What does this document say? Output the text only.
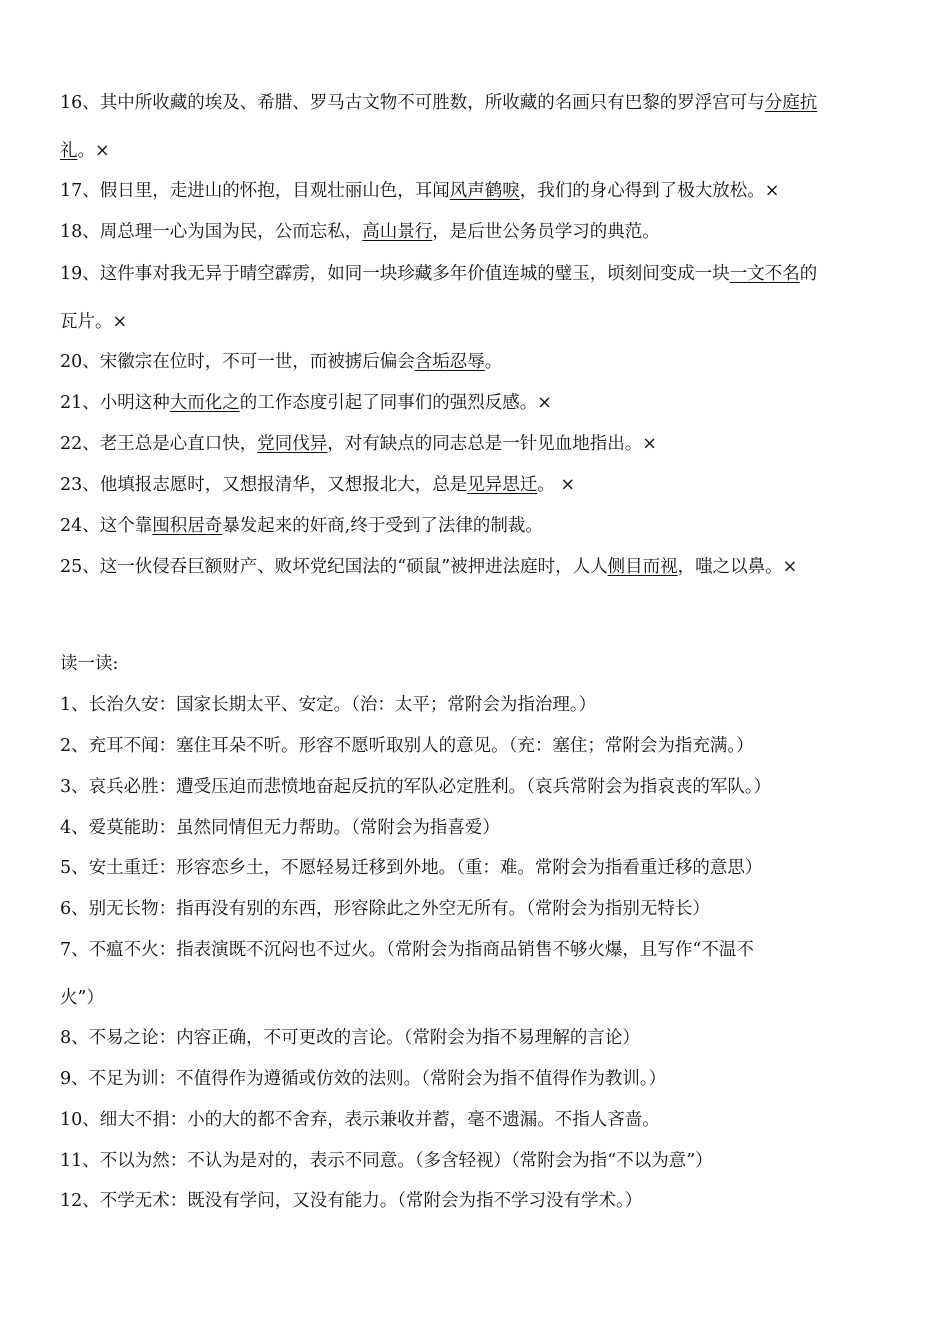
16、其中所收藏的埃及、希腊、罗马古文物不可胜数，所收藏的名画只有巴黎的罗浮宫可与分庭抗
礼。×
17、假日里，走进山的怀抱，目观壮丽山色，耳闻风声鹤唳，我们的身心得到了极大放松。×
18、周总理一心为国为民，公而忘私，高山景行，是后世公务员学习的典范。
19、这件事对我无异于晴空霹雳，如同一块珍藏多年价值连城的璧玉，顷刻间变成一块一文不名的
瓦片。×
20、宋徽宗在位时，不可一世，而被掳后偏会含垢忍辱。
21、小明这种大而化之的工作态度引起了同事们的强烈反感。×
22、老王总是心直口快，党同伐异，对有缺点的同志总是一针见血地指出。×
23、他填报志愿时，又想报清华，又想报北大，总是见异思迁。 ×
24、这个靠囤积居奇暴发起来的奸商,终于受到了法律的制裁。
25、这一伙侵吞巨额财产、败坏党纪国法的“硕鼠”被押进法庭时，人人侧目而视，嗤之以鼻。×
读一读:
1、长治久安：国家长期太平、安定。（治：太平；常附会为指治理。）
2、充耳不闻：塞住耳朵不听。形容不愿听取别人的意见。（充：塞住；常附会为指充满。）
3、哀兵必胜：遭受压迫而悲愤地奋起反抗的军队必定胜利。（哀兵常附会为指哀丧的军队。）
4、爱莫能助：虽然同情但无力帮助。（常附会为指喜爱）
5、安土重迁：形容恋乡土，不愿轻易迁移到外地。（重：难。常附会为指看重迁移的意思）
6、别无长物：指再没有别的东西，形容除此之外空无所有。（常附会为指别无特长）
7、不瘟不火：指表演既不沉闷也不过火。（常附会为指商品销售不够火爆，且写作“不温不
火”）
8、不易之论：内容正确，不可更改的言论。（常附会为指不易理解的言论）
9、不足为训：不值得作为遵循或仿效的法则。（常附会为指不值得作为教训。）
10、细大不捐：小的大的都不舍弃，表示兼收并蓄，毫不遗漏。不指人吝啬。
11、不以为然：不认为是对的，表示不同意。（多含轻视）（常附会为指“不以为意”）
12、不学无术：既没有学问，又没有能力。（常附会为指不学习没有学术。）
